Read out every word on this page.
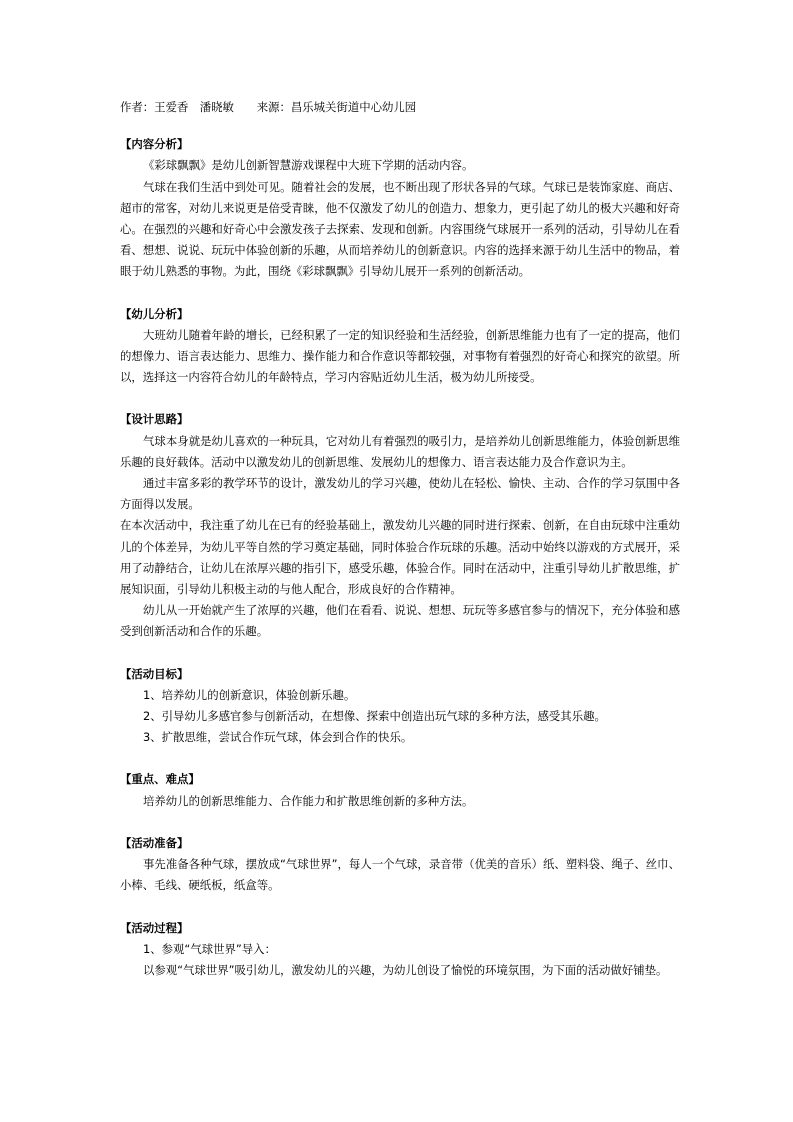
作者：王爱香　潘晓敏　　来源：昌乐城关街道中心幼儿园
【内容分析】
《彩球飘飘》是幼儿创新智慧游戏课程中大班下学期的活动内容。
气球在我们生活中到处可见。随着社会的发展，也不断出现了形状各异的气球。气球已是装饰家庭、商店、超市的常客，对幼儿来说更是倍受青睐，他不仅激发了幼儿的创造力、想象力，更引起了幼儿的极大兴趣和好奇心。在强烈的兴趣和好奇心中会激发孩子去探索、发现和创新。内容围绕气球展开一系列的活动，引导幼儿在看看、想想、说说、玩玩中体验创新的乐趣，从而培养幼儿的创新意识。内容的选择来源于幼儿生活中的物品，着眼于幼儿熟悉的事物。为此，围绕《彩球飘飘》引导幼儿展开一系列的创新活动。
【幼儿分析】
大班幼儿随着年龄的增长，已经积累了一定的知识经验和生活经验，创新思维能力也有了一定的提高，他们的想像力、语言表达能力、思维力、操作能力和合作意识等都较强，对事物有着强烈的好奇心和探究的欲望。所以，选择这一内容符合幼儿的年龄特点，学习内容贴近幼儿生活，极为幼儿所接受。
【设计思路】
气球本身就是幼儿喜欢的一种玩具，它对幼儿有着强烈的吸引力，是培养幼儿创新思维能力，体验创新思维乐趣的良好载体。活动中以激发幼儿的创新思维、发展幼儿的想像力、语言表达能力及合作意识为主。
通过丰富多彩的教学环节的设计，激发幼儿的学习兴趣，使幼儿在轻松、愉快、主动、合作的学习氛围中各方面得以发展。
在本次活动中，我注重了幼儿在已有的经验基础上，激发幼儿兴趣的同时进行探索、创新，在自由玩球中注重幼儿的个体差异，为幼儿平等自然的学习奠定基础，同时体验合作玩球的乐趣。活动中始终以游戏的方式展开，采用了动静结合，让幼儿在浓厚兴趣的指引下，感受乐趣，体验合作。同时在活动中，注重引导幼儿扩散思维，扩展知识面，引导幼儿积极主动的与他人配合，形成良好的合作精神。
幼儿从一开始就产生了浓厚的兴趣，他们在看看、说说、想想、玩玩等多感官参与的情况下，充分体验和感受到创新活动和合作的乐趣。
【活动目标】
1、培养幼儿的创新意识，体验创新乐趣。
2、引导幼儿多感官参与创新活动，在想像、探索中创造出玩气球的多种方法，感受其乐趣。
3、扩散思维，尝试合作玩气球，体会到合作的快乐。
【重点、难点】
培养幼儿的创新思维能力、合作能力和扩散思维创新的多种方法。
【活动准备】
事先准备各种气球，摆放成“气球世界”，每人一个气球，录音带（优美的音乐）纸、塑料袋、绳子、丝巾、小棒、毛线、硬纸板，纸盒等。
【活动过程】
1、参观“气球世界”导入：
以参观“气球世界”吸引幼儿，激发幼儿的兴趣，为幼儿创设了愉悦的环境氛围，为下面的活动做好铺垫。
